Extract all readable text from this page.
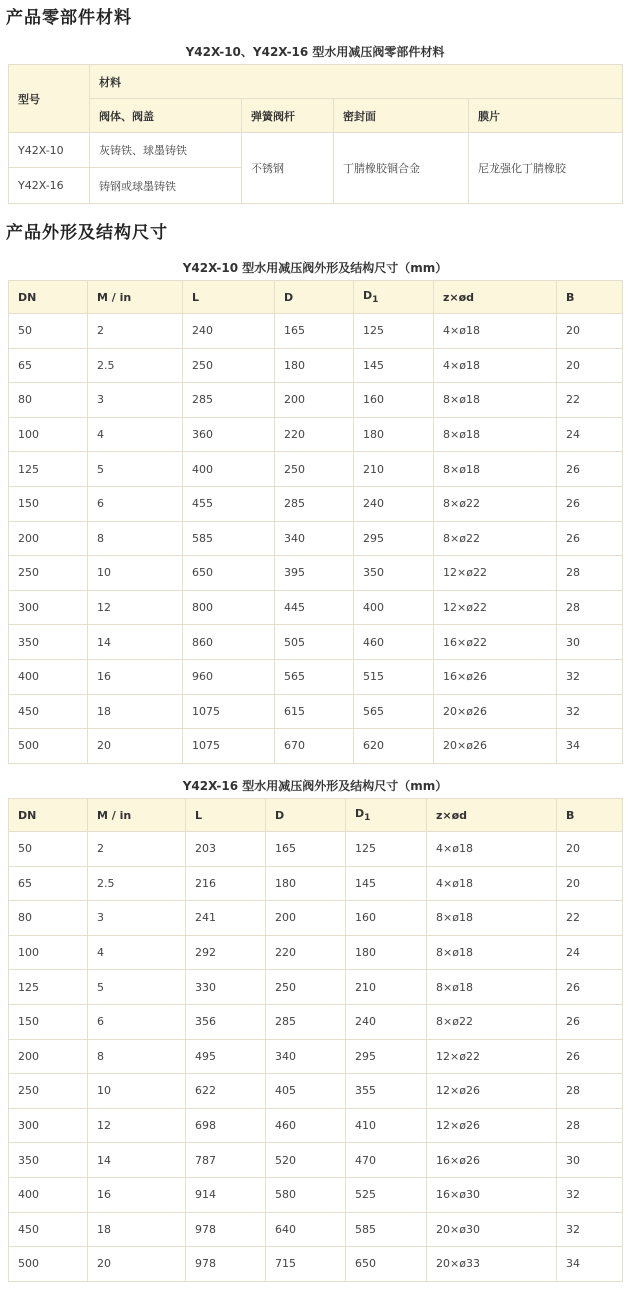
产品零部件材料
Y42X-10、Y42X-16 型水用减压阀零部件材料
型号	材料			
	阀体、阀盖	弹簧阀杆	密封面	膜片
Y42X-10	灰铸铁、球墨铸铁	不锈钢	丁腈橡胶铜合金	尼龙强化丁腈橡胶
Y42X-16	铸钢或球墨铸铁			
产品外形及结构尺寸
Y42X-10 型水用减压阀外形及结构尺寸（mm）
DN	M / in	L	D	$D_1$	z×ød	B
50	2	240	165	125	4×ø18	20
65	2.5	250	180	145	4×ø18	20
80	3	285	200	160	8×ø18	22
100	4	360	220	180	8×ø18	24
125	5	400	250	210	8×ø18	26
150	6	455	285	240	8×ø22	26
200	8	585	340	295	8×ø22	26
250	10	650	395	350	12×ø22	28
300	12	800	445	400	12×ø22	28
350	14	860	505	460	16×ø22	30
400	16	960	565	515	16×ø26	32
450	18	1075	615	565	20×ø26	32
500	20	1075	670	620	20×ø26	34
Y42X-16 型水用减压阀外形及结构尺寸（mm）
DN	M / in	L	D	$D_1$	z×ød	B
50	2	203	165	125	4×ø18	20
65	2.5	216	180	145	4×ø18	20
80	3	241	200	160	8×ø18	22
100	4	292	220	180	8×ø18	24
125	5	330	250	210	8×ø18	26
150	6	356	285	240	8×ø22	26
200	8	495	340	295	12×ø22	26
250	10	622	405	355	12×ø26	28
300	12	698	460	410	12×ø26	28
350	14	787	520	470	16×ø26	30
400	16	914	580	525	16×ø30	32
450	18	978	640	585	20×ø30	32
500	20	978	715	650	20×ø33	34
